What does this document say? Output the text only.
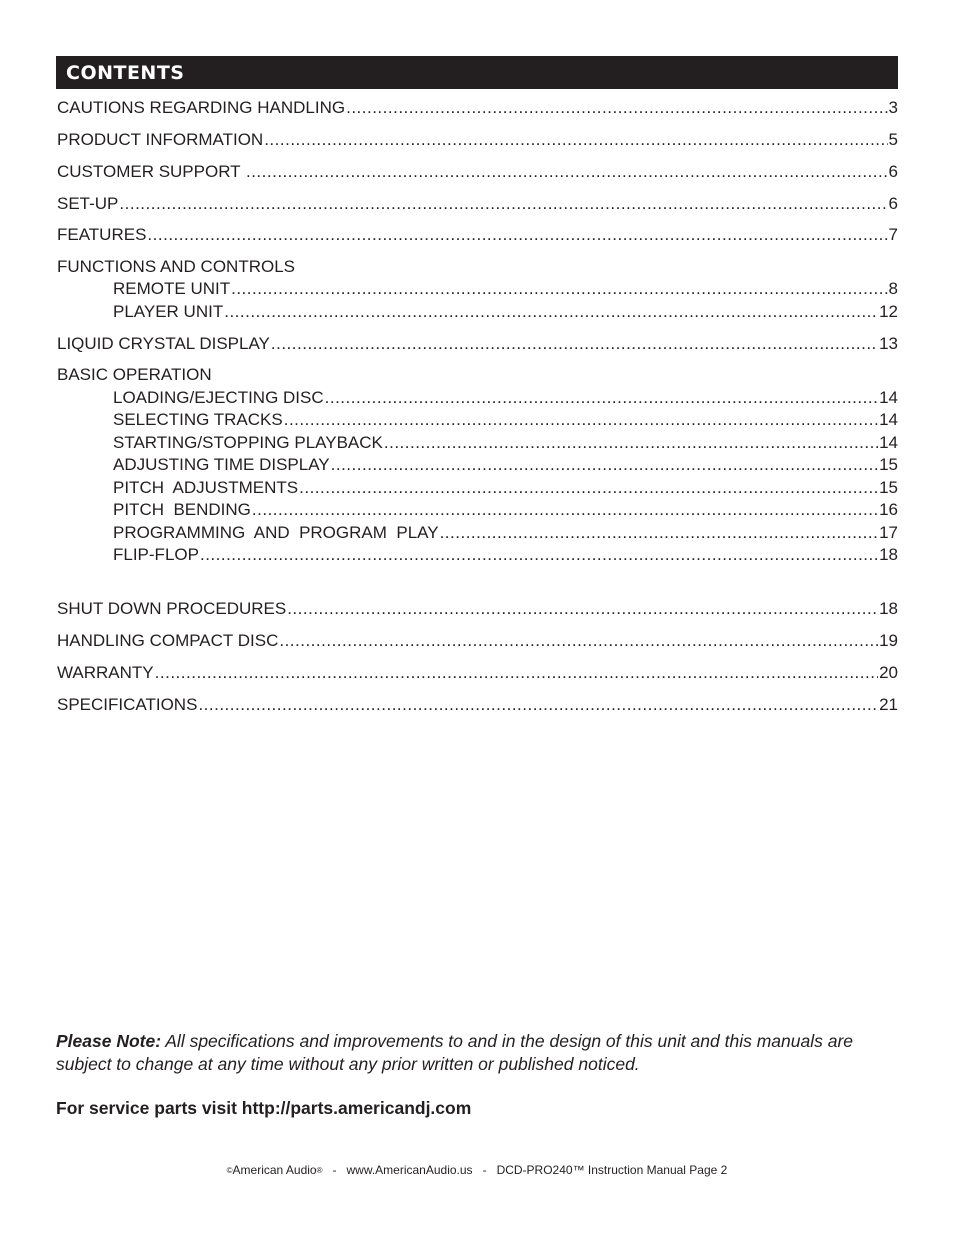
CONTENTS
CAUTIONS REGARDING HANDLING .....	3
PRODUCT INFORMATION .....	5
CUSTOMER SUPPORT .....	6
SET-UP .....	6
FEATURES .....	7
FUNCTIONS AND CONTROLS
REMOTE UNIT .....	8
PLAYER UNIT .....	12
LIQUID CRYSTAL DISPLAY .....	13
BASIC OPERATION
LOADING/EJECTING DISC .....	14
SELECTING TRACKS .....	14
STARTING/STOPPING PLAYBACK .....	14
ADJUSTING TIME DISPLAY .....	15
PITCH  ADJUSTMENTS .....	15
PITCH  BENDING .....	16
PROGRAMMING  AND  PROGRAM  PLAY .....	17
FLIP-FLOP .....	18
SHUT DOWN PROCEDURES .....	18
HANDLING COMPACT DISC .....	19
WARRANTY .....	20
SPECIFICATIONS .....	21
Please Note: All specifications and improvements to and in the design of this unit and this manuals are subject to change at any time without any prior written or published noticed.
For service parts visit http://parts.americandj.com
©American Audio®   -   www.AmericanAudio.us   -   DCD-PRO240™ Instruction Manual Page 2
